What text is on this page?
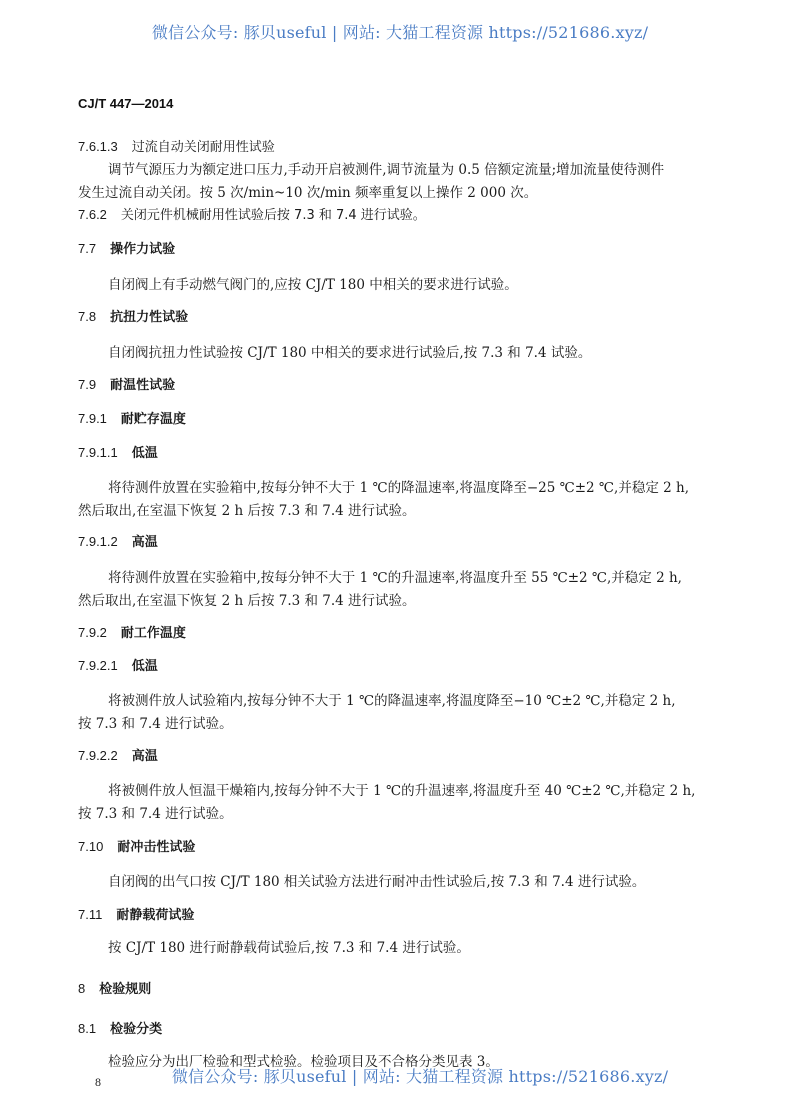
微信公众号: 豚贝useful | 网站: 大猫工程资源 https://521686.xyz/
CJ/T 447—2014
7.6.1.3 过流自动关闭耐用性试验
调节气源压力为额定进口压力,手动开启被测件,调节流量为 0.5 倍额定流量;增加流量使待测件
发生过流自动关闭。按 5 次/min~10 次/min 频率重复以上操作 2 000 次。
7.6.2 关闭元件机械耐用性试验后按 7.3 和 7.4 进行试验。
7.7 操作力试验
自闭阀上有手动燃气阀门的,应按 CJ/T 180 中相关的要求进行试验。
7.8 抗扭力性试验
自闭阀抗扭力性试验按 CJ/T 180 中相关的要求进行试验后,按 7.3 和 7.4 试验。
7.9 耐温性试验
7.9.1 耐贮存温度
7.9.1.1 低温
将待测件放置在实验箱中,按每分钟不大于 1 ℃的降温速率,将温度降至−25 ℃±2 ℃,并稳定 2 h,
然后取出,在室温下恢复 2 h 后按 7.3 和 7.4 进行试验。
7.9.1.2 高温
将待测件放置在实验箱中,按每分钟不大于 1 ℃的升温速率,将温度升至 55 ℃±2 ℃,并稳定 2 h,
然后取出,在室温下恢复 2 h 后按 7.3 和 7.4 进行试验。
7.9.2 耐工作温度
7.9.2.1 低温
将被测件放人试验箱内,按每分钟不大于 1 ℃的降温速率,将温度降至−10 ℃±2 ℃,并稳定 2 h,
按 7.3 和 7.4 进行试验。
7.9.2.2 高温
将被侧件放人恒温干燥箱内,按每分钟不大于 1 ℃的升温速率,将温度升至 40 ℃±2 ℃,并稳定 2 h,
按 7.3 和 7.4 进行试验。
7.10 耐冲击性试验
自闭阀的出气口按 CJ/T 180 相关试验方法进行耐冲击性试验后,按 7.3 和 7.4 进行试验。
7.11 耐静载荷试验
按 CJ/T 180 进行耐静载荷试验后,按 7.3 和 7.4 进行试验。
8 检验规则
8.1 检验分类
检验应分为出厂检验和型式检验。检验项目及不合格分类见表 3。
微信公众号: 豚贝useful | 网站: 大猫工程资源 https://521686.xyz/
8
